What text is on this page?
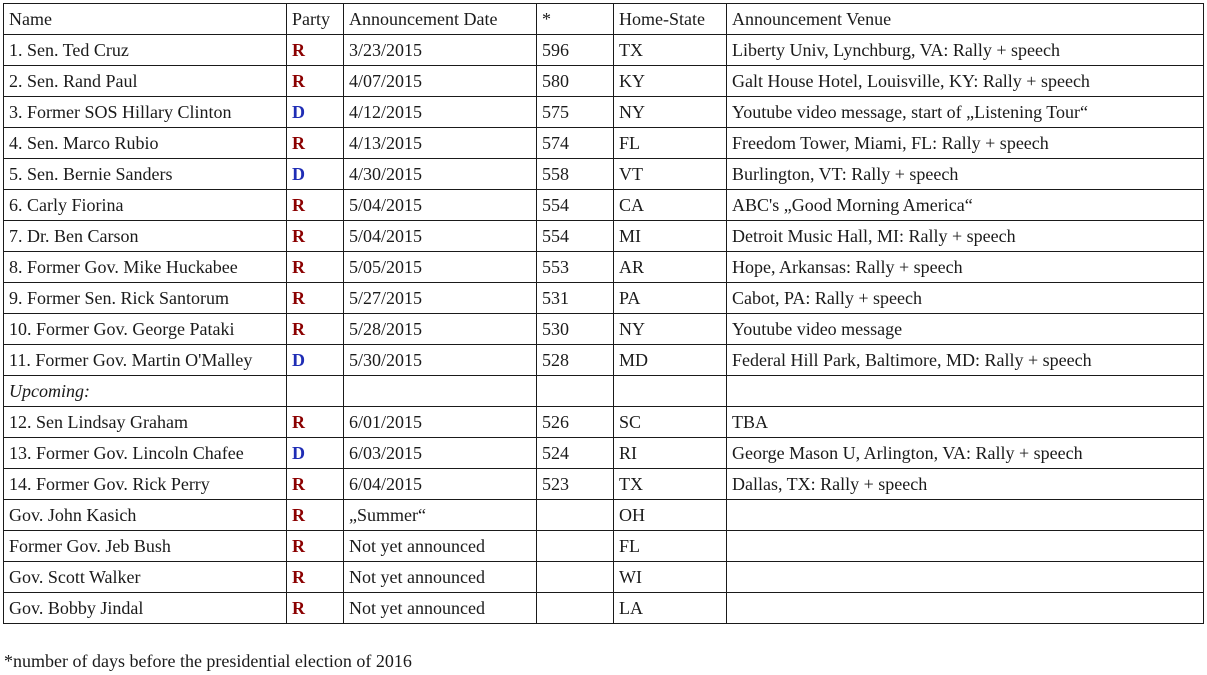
Name	Party	Announcement Date	*	Home-State	Announcement Venue
1. Sen. Ted Cruz	R	3/23/2015	596	TX	Liberty Univ, Lynchburg, VA: Rally + speech
2. Sen. Rand Paul	R	4/07/2015	580	KY	Galt House Hotel, Louisville, KY: Rally + speech
3. Former SOS Hillary Clinton	D	4/12/2015	575	NY	Youtube video message, start of „Listening Tour“
4. Sen. Marco Rubio	R	4/13/2015	574	FL	Freedom Tower, Miami, FL: Rally + speech
5. Sen. Bernie Sanders	D	4/30/2015	558	VT	Burlington, VT: Rally + speech
6. Carly Fiorina	R	5/04/2015	554	CA	ABC's „Good Morning America“
7. Dr. Ben Carson	R	5/04/2015	554	MI	Detroit Music Hall, MI: Rally + speech
8. Former Gov. Mike Huckabee	R	5/05/2015	553	AR	Hope, Arkansas: Rally + speech
9. Former Sen. Rick Santorum	R	5/27/2015	531	PA	Cabot, PA: Rally + speech
10. Former Gov. George Pataki	R	5/28/2015	530	NY	Youtube video message
11. Former Gov. Martin O'Malley	D	5/30/2015	528	MD	Federal Hill Park, Baltimore, MD: Rally + speech
Upcoming:					
12. Sen Lindsay Graham	R	6/01/2015	526	SC	TBA
13. Former Gov. Lincoln Chafee	D	6/03/2015	524	RI	George Mason U, Arlington, VA: Rally + speech
14. Former Gov. Rick Perry	R	6/04/2015	523	TX	Dallas, TX: Rally + speech
Gov. John Kasich	R	„Summer“		OH	
Former Gov. Jeb Bush	R	Not yet announced		FL	
Gov. Scott Walker	R	Not yet announced		WI	
Gov. Bobby Jindal	R	Not yet announced		LA	
*number of days before the presidential election of 2016
